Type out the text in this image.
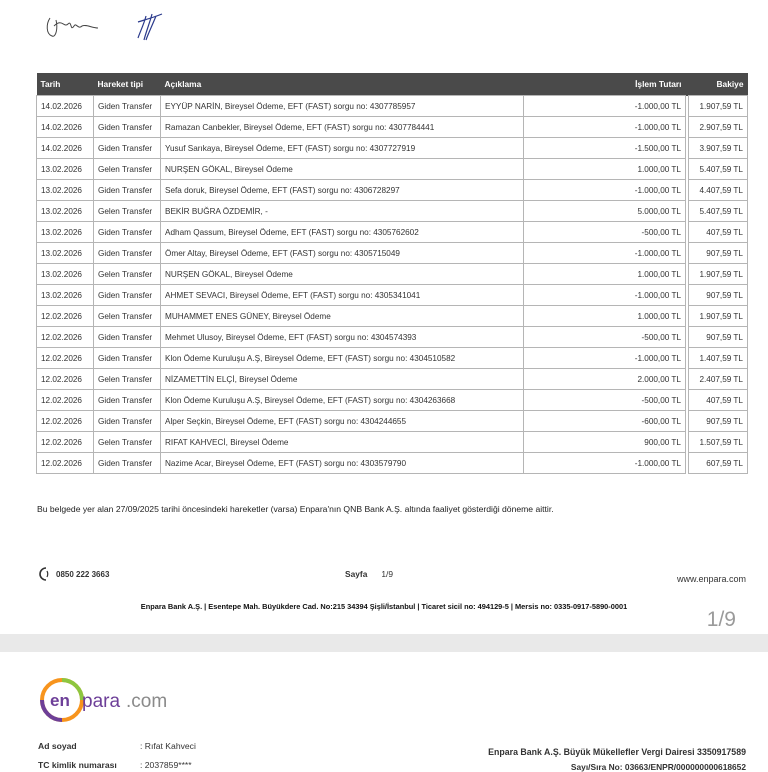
Tarih	Hareket tipi	Açıklama	İşlem Tutarı		Bakiye
14.02.2026	Giden Transfer	EYYÜP NARİN, Bireysel Ödeme, EFT (FAST) sorgu no: 4307785957	-1.000,00 TL		1.907,59 TL
14.02.2026	Giden Transfer	Ramazan Canbekler, Bireysel Ödeme, EFT (FAST) sorgu no: 4307784441	-1.000,00 TL		2.907,59 TL
14.02.2026	Giden Transfer	Yusuf Sarıkaya, Bireysel Ödeme, EFT (FAST) sorgu no: 4307727919	-1.500,00 TL		3.907,59 TL
13.02.2026	Gelen Transfer	NURŞEN GÖKAL, Bireysel Ödeme	1.000,00 TL		5.407,59 TL
13.02.2026	Giden Transfer	Sefa doruk, Bireysel Ödeme, EFT (FAST) sorgu no: 4306728297	-1.000,00 TL		4.407,59 TL
13.02.2026	Gelen Transfer	BEKİR BUĞRA ÖZDEMİR, -	5.000,00 TL		5.407,59 TL
13.02.2026	Giden Transfer	Adham Qassum, Bireysel Ödeme, EFT (FAST) sorgu no: 4305762602	-500,00 TL		407,59 TL
13.02.2026	Giden Transfer	Ömer Altay, Bireysel Ödeme, EFT (FAST) sorgu no: 4305715049	-1.000,00 TL		907,59 TL
13.02.2026	Gelen Transfer	NURŞEN GÖKAL, Bireysel Ödeme	1.000,00 TL		1.907,59 TL
13.02.2026	Giden Transfer	AHMET SEVACI, Bireysel Ödeme, EFT (FAST) sorgu no: 4305341041	-1.000,00 TL		907,59 TL
12.02.2026	Gelen Transfer	MUHAMMET ENES GÜNEY, Bireysel Ödeme	1.000,00 TL		1.907,59 TL
12.02.2026	Giden Transfer	Mehmet Ulusoy, Bireysel Ödeme, EFT (FAST) sorgu no: 4304574393	-500,00 TL		907,59 TL
12.02.2026	Giden Transfer	Klon Ödeme Kuruluşu A.Ş, Bireysel Ödeme, EFT (FAST) sorgu no: 4304510582	-1.000,00 TL		1.407,59 TL
12.02.2026	Gelen Transfer	NİZAMETTİN ELÇİ, Bireysel Ödeme	2.000,00 TL		2.407,59 TL
12.02.2026	Giden Transfer	Klon Ödeme Kuruluşu A.Ş, Bireysel Ödeme, EFT (FAST) sorgu no: 4304263668	-500,00 TL		407,59 TL
12.02.2026	Giden Transfer	Alper Seçkin, Bireysel Ödeme, EFT (FAST) sorgu no: 4304244655	-600,00 TL		907,59 TL
12.02.2026	Gelen Transfer	RIFAT KAHVECİ, Bireysel Ödeme	900,00 TL		1.507,59 TL
12.02.2026	Giden Transfer	Nazime Acar, Bireysel Ödeme, EFT (FAST) sorgu no: 4303579790	-1.000,00 TL		607,59 TL
Bu belgede yer alan 27/09/2025 tarihi öncesindeki hareketler (varsa) Enpara'nın QNB Bank A.Ş. altında faaliyet gösterdiği döneme aittir.
0850 222 3663	Sayfa 1/9	www.enpara.com
Enpara Bank A.Ş. | Esentepe Mah. Büyükdere Cad. No:215 34394 Şişli/İstanbul | Ticaret sicil no: 494129-5 | Mersis no: 0335-0917-5890-0001
1/9
en para .com
Ad soyad	: Rıfat Kahveci
TC kimlik numarası	: 2037859****
Enpara Bank A.Ş. Büyük Mükellefler Vergi Dairesi 3350917589
Sayı/Sıra No: 03663/ENPR/000000000618652
